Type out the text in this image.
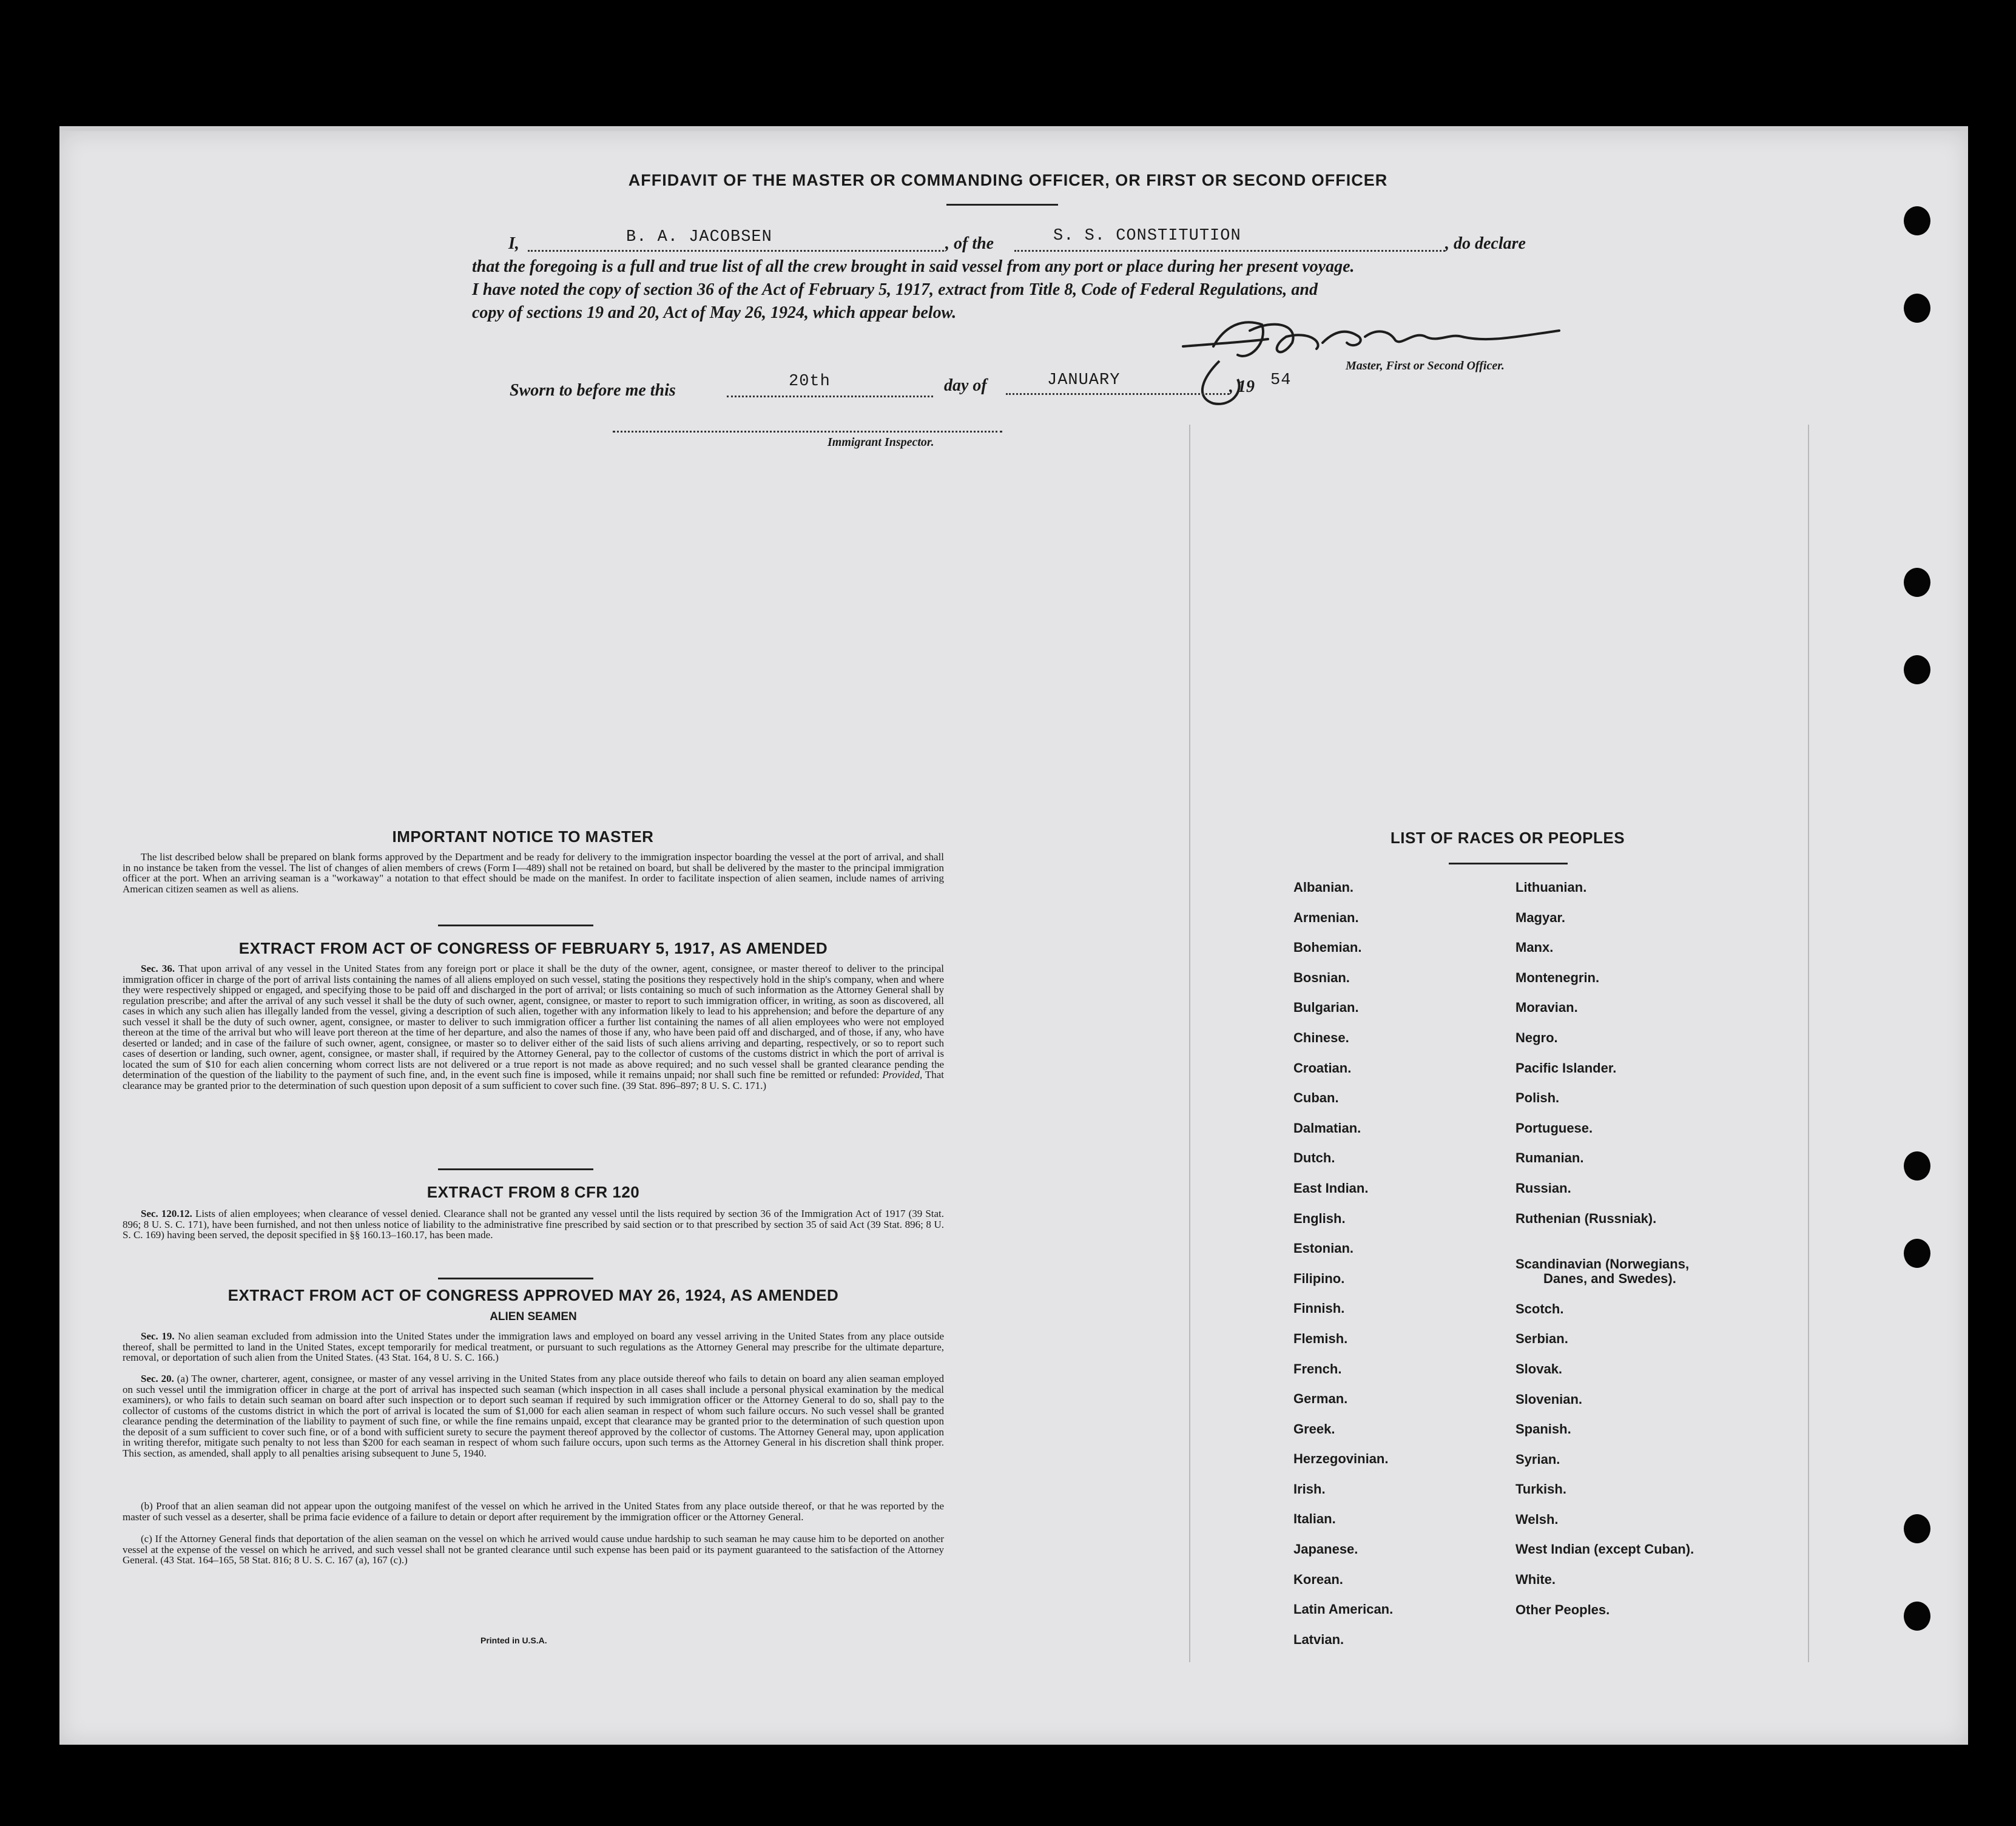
AFFIDAVIT OF THE MASTER OR COMMANDING OFFICER, OR FIRST OR SECOND OFFICER
I,	B. A. JACOBSEN	, of the	S. S. CONSTITUTION	, do declare
that the foregoing is a full and true list of all the crew brought in said vessel from any port or place during her present voyage.
I have noted the copy of section 36 of the Act of February 5, 1917, extract from Title 8, Code of Federal Regulations, and
copy of sections 19 and 20, Act of May 26, 1924, which appear below.
Master, First or Second Officer.
Sworn to before me this	20th	day of	JANUARY	, 19 54
Immigrant Inspector.
IMPORTANT NOTICE TO MASTER
The list described below shall be prepared on blank forms approved by the Department and be ready for delivery to the immigration inspector boarding the vessel at the port of arrival, and shall in no instance be taken from the vessel. The list of changes of alien members of crews (Form I—489) shall not be retained on board, but shall be delivered by the master to the principal immigration officer at the port. When an arriving seaman is a "workaway" a notation to that effect should be made on the manifest. In order to facilitate inspection of alien seamen, include names of arriving American citizen seamen as well as aliens.
EXTRACT FROM ACT OF CONGRESS OF FEBRUARY 5, 1917, AS AMENDED
Sec. 36. That upon arrival of any vessel in the United States from any foreign port or place it shall be the duty of the owner, agent, consignee, or master thereof to deliver to the principal immigration officer in charge of the port of arrival lists containing the names of all aliens employed on such vessel, stating the positions they respectively hold in the ship's company, when and where they were respectively shipped or engaged, and specifying those to be paid off and discharged in the port of arrival; or lists containing so much of such information as the Attorney General shall by regulation prescribe; and after the arrival of any such vessel it shall be the duty of such owner, agent, consignee, or master to report to such immigration officer, in writing, as soon as discovered, all cases in which any such alien has illegally landed from the vessel, giving a description of such alien, together with any information likely to lead to his apprehension; and before the departure of any such vessel it shall be the duty of such owner, agent, consignee, or master to deliver to such immigration officer a further list containing the names of all alien employees who were not employed thereon at the time of the arrival but who will leave port thereon at the time of her departure, and also the names of those if any, who have been paid off and discharged, and of those, if any, who have deserted or landed; and in case of the failure of such owner, agent, consignee, or master so to deliver either of the said lists of such aliens arriving and departing, respectively, or so to report such cases of desertion or landing, such owner, agent, consignee, or master shall, if required by the Attorney General, pay to the collector of customs of the customs district in which the port of arrival is located the sum of $10 for each alien concerning whom correct lists are not delivered or a true report is not made as above required; and no such vessel shall be granted clearance pending the determination of the question of the liability to the payment of such fine, and, in the event such fine is imposed, while it remains unpaid; nor shall such fine be remitted or refunded: Provided, That clearance may be granted prior to the determination of such question upon deposit of a sum sufficient to cover such fine. (39 Stat. 896–897; 8 U. S. C. 171.)
EXTRACT FROM 8 CFR 120
Sec. 120.12. Lists of alien employees; when clearance of vessel denied. Clearance shall not be granted any vessel until the lists required by section 36 of the Immigration Act of 1917 (39 Stat. 896; 8 U. S. C. 171), have been furnished, and not then unless notice of liability to the administrative fine prescribed by said section or to that prescribed by section 35 of said Act (39 Stat. 896; 8 U. S. C. 169) having been served, the deposit specified in §§ 160.13–160.17, has been made.
EXTRACT FROM ACT OF CONGRESS APPROVED MAY 26, 1924, AS AMENDED
ALIEN SEAMEN
Sec. 19. No alien seaman excluded from admission into the United States under the immigration laws and employed on board any vessel arriving in the United States from any place outside thereof, shall be permitted to land in the United States, except temporarily for medical treatment, or pursuant to such regulations as the Attorney General may prescribe for the ultimate departure, removal, or deportation of such alien from the United States. (43 Stat. 164, 8 U. S. C. 166.)
Sec. 20. (a) The owner, charterer, agent, consignee, or master of any vessel arriving in the United States from any place outside thereof who fails to detain on board any alien seaman employed on such vessel until the immigration officer in charge at the port of arrival has inspected such seaman (which inspection in all cases shall include a personal physical examination by the medical examiners), or who fails to detain such seaman on board after such inspection or to deport such seaman if required by such immigration officer or the Attorney General to do so, shall pay to the collector of customs of the customs district in which the port of arrival is located the sum of $1,000 for each alien seaman in respect of whom such failure occurs. No such vessel shall be granted clearance pending the determination of the liability to payment of such fine, or while the fine remains unpaid, except that clearance may be granted prior to the determination of such question upon the deposit of a sum sufficient to cover such fine, or of a bond with sufficient surety to secure the payment thereof approved by the collector of customs. The Attorney General may, upon application in writing therefor, mitigate such penalty to not less than $200 for each seaman in respect of whom such failure occurs, upon such terms as the Attorney General in his discretion shall think proper. This section, as amended, shall apply to all penalties arising subsequent to June 5, 1940.
(b) Proof that an alien seaman did not appear upon the outgoing manifest of the vessel on which he arrived in the United States from any place outside thereof, or that he was reported by the master of such vessel as a deserter, shall be prima facie evidence of a failure to detain or deport after requirement by the immigration officer or the Attorney General.
(c) If the Attorney General finds that deportation of the alien seaman on the vessel on which he arrived would cause undue hardship to such seaman he may cause him to be deported on another vessel at the expense of the vessel on which he arrived, and such vessel shall not be granted clearance until such expense has been paid or its payment guaranteed to the satisfaction of the Attorney General. (43 Stat. 164–165, 58 Stat. 816; 8 U. S. C. 167 (a), 167 (c).)
Printed in U.S.A.
LIST OF RACES OR PEOPLES
Albanian.
Armenian.
Bohemian.
Bosnian.
Bulgarian.
Chinese.
Croatian.
Cuban.
Dalmatian.
Dutch.
East Indian.
English.
Estonian.
Filipino.
Finnish.
Flemish.
French.
German.
Greek.
Herzegovinian.
Irish.
Italian.
Japanese.
Korean.
Latin American.
Latvian.
Lithuanian.
Magyar.
Manx.
Montenegrin.
Moravian.
Negro.
Pacific Islander.
Polish.
Portuguese.
Rumanian.
Russian.
Ruthenian (Russniak).
Scandinavian (Norwegians,
Danes, and Swedes).
Scotch.
Serbian.
Slovak.
Slovenian.
Spanish.
Syrian.
Turkish.
Welsh.
West Indian (except Cuban).
White.
Other Peoples.
